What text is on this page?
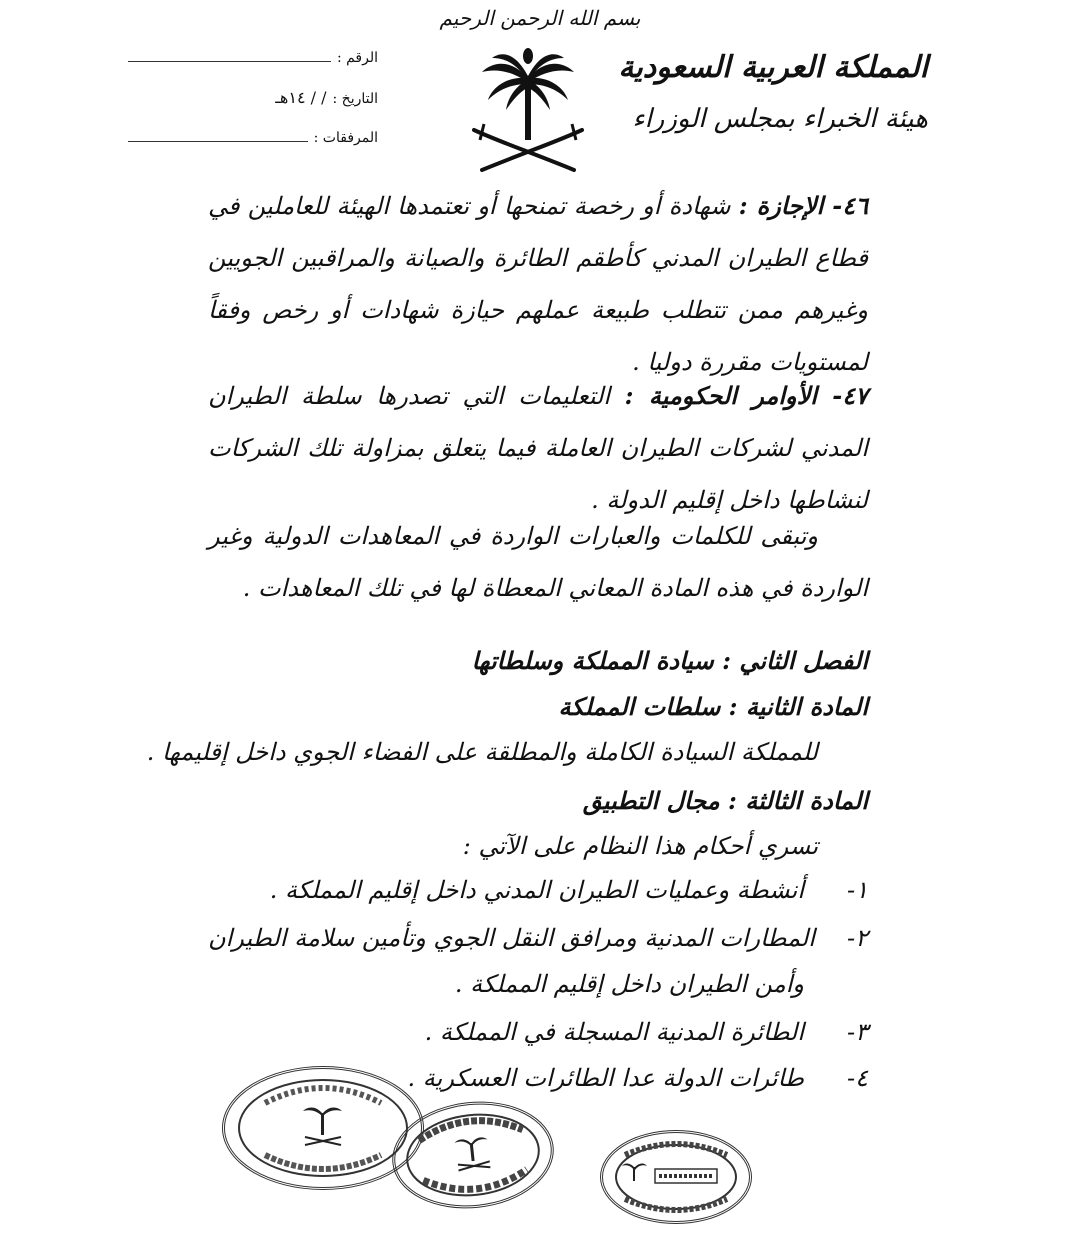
بسم الله الرحمن الرحيم
المملكة العربية السعودية
هيئة الخبراء بمجلس الوزراء
الرقم :
التاريخ :
/ / ١٤هـ
المرفقات :
٤٦- الإجازة : شهادة أو رخصة تمنحها أو تعتمدها الهيئة للعاملين في قطاع الطيران المدني كأطقم الطائرة والصيانة والمراقبين الجويين وغيرهم ممن تتطلب طبيعة عملهم حيازة شهادات أو رخص وفقاً لمستويات مقررة دوليا .
٤٧- الأوامر الحكومية : التعليمات التي تصدرها سلطة الطيران المدني لشركات الطيران العاملة فيما يتعلق بمزاولة تلك الشركات لنشاطها داخل إقليم الدولة .
وتبقى للكلمات والعبارات الواردة في المعاهدات الدولية وغير الواردة في هذه المادة المعاني المعطاة لها في تلك المعاهدات .
الفصل الثاني : سيادة المملكة وسلطاتها
المادة الثانية : سلطات المملكة
للمملكة السيادة الكاملة والمطلقة على الفضاء الجوي داخل إقليمها .
المادة الثالثة : مجال التطبيق
تسري أحكام هذا النظام على الآتي :
١-
أنشطة وعمليات الطيران المدني داخل إقليم المملكة .
٢-
المطارات المدنية ومرافق النقل الجوي وتأمين سلامة الطيران
وأمن الطيران داخل إقليم المملكة .
٣-
الطائرة المدنية المسجلة في المملكة .
٤-
طائرات الدولة عدا الطائرات العسكرية .
